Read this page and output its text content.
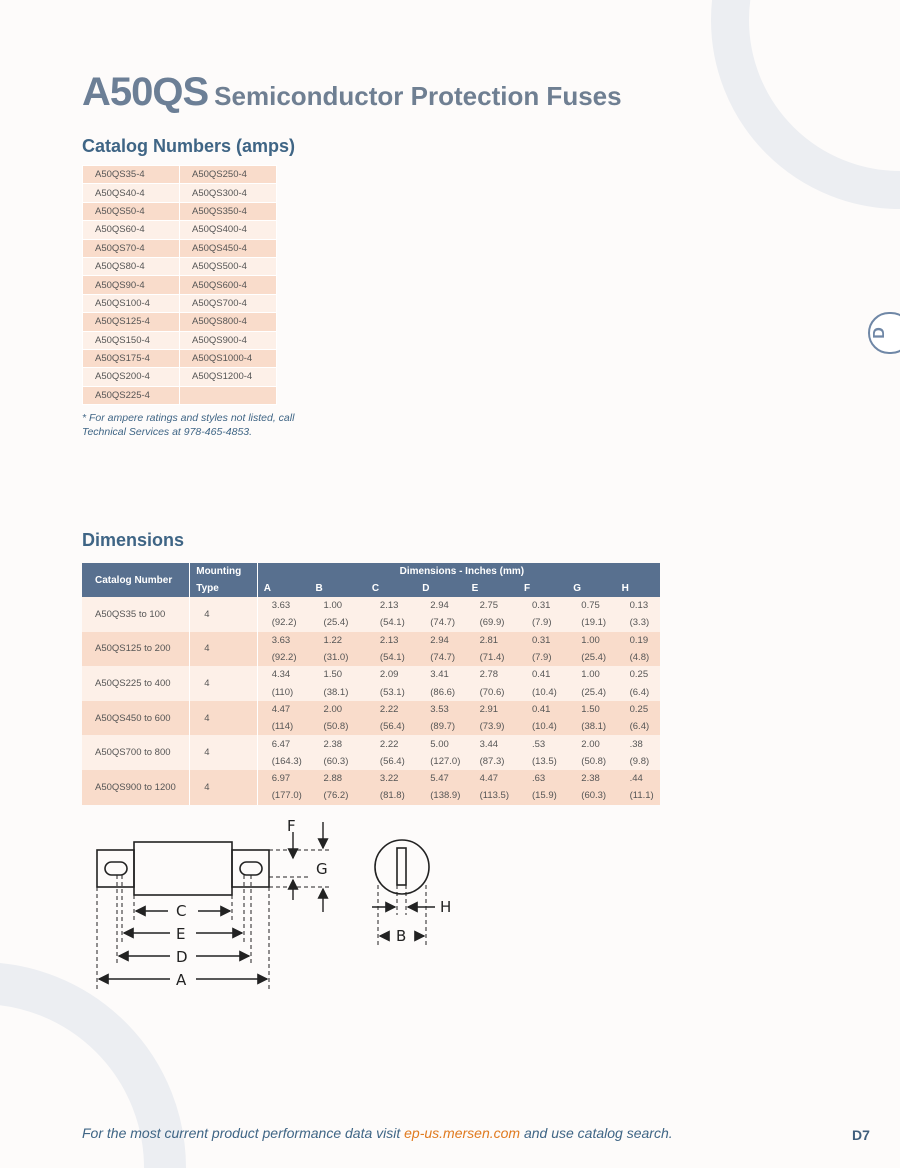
A50QS Semiconductor Protection Fuses
Catalog Numbers (amps)
A50QS35-4	A50QS250-4
A50QS40-4	A50QS300-4
A50QS50-4	A50QS350-4
A50QS60-4	A50QS400-4
A50QS70-4	A50QS450-4
A50QS80-4	A50QS500-4
A50QS90-4	A50QS600-4
A50QS100-4	A50QS700-4
A50QS125-4	A50QS800-4
A50QS150-4	A50QS900-4
A50QS175-4	A50QS1000-4
A50QS200-4	A50QS1200-4
A50QS225-4	
* For ampere ratings and styles not listed, call Technical Services at 978-465-4853.
Dimensions
Catalog Number	Mounting	Dimensions - Inches (mm)							
	Type	A	B	C	D	E	F	G	H
A50QS35 to 100	4	3.63	1.00	2.13	2.94	2.75	0.31	0.75	0.13
		(92.2)	(25.4)	(54.1)	(74.7)	(69.9)	(7.9)	(19.1)	(3.3)
A50QS125 to 200	4	3.63	1.22	2.13	2.94	2.81	0.31	1.00	0.19
		(92.2)	(31.0)	(54.1)	(74.7)	(71.4)	(7.9)	(25.4)	(4.8)
A50QS225 to 400	4	4.34	1.50	2.09	3.41	2.78	0.41	1.00	0.25
		(110)	(38.1)	(53.1)	(86.6)	(70.6)	(10.4)	(25.4)	(6.4)
A50QS450 to 600	4	4.47	2.00	2.22	3.53	2.91	0.41	1.50	0.25
		(114)	(50.8)	(56.4)	(89.7)	(73.9)	(10.4)	(38.1)	(6.4)
A50QS700 to 800	4	6.47	2.38	2.22	5.00	3.44	.53	2.00	.38
		(164.3)	(60.3)	(56.4)	(127.0)	(87.3)	(13.5)	(50.8)	(9.8)
A50QS900 to 1200	4	6.97	2.88	3.22	5.47	4.47	.63	2.38	.44
		(177.0)	(76.2)	(81.8)	(138.9)	(113.5)	(15.9)	(60.3)	(11.1)
C
E
D
A
F
G
H
B
D
For the most current product performance data visit ep-us.mersen.com and use catalog search.	D7
